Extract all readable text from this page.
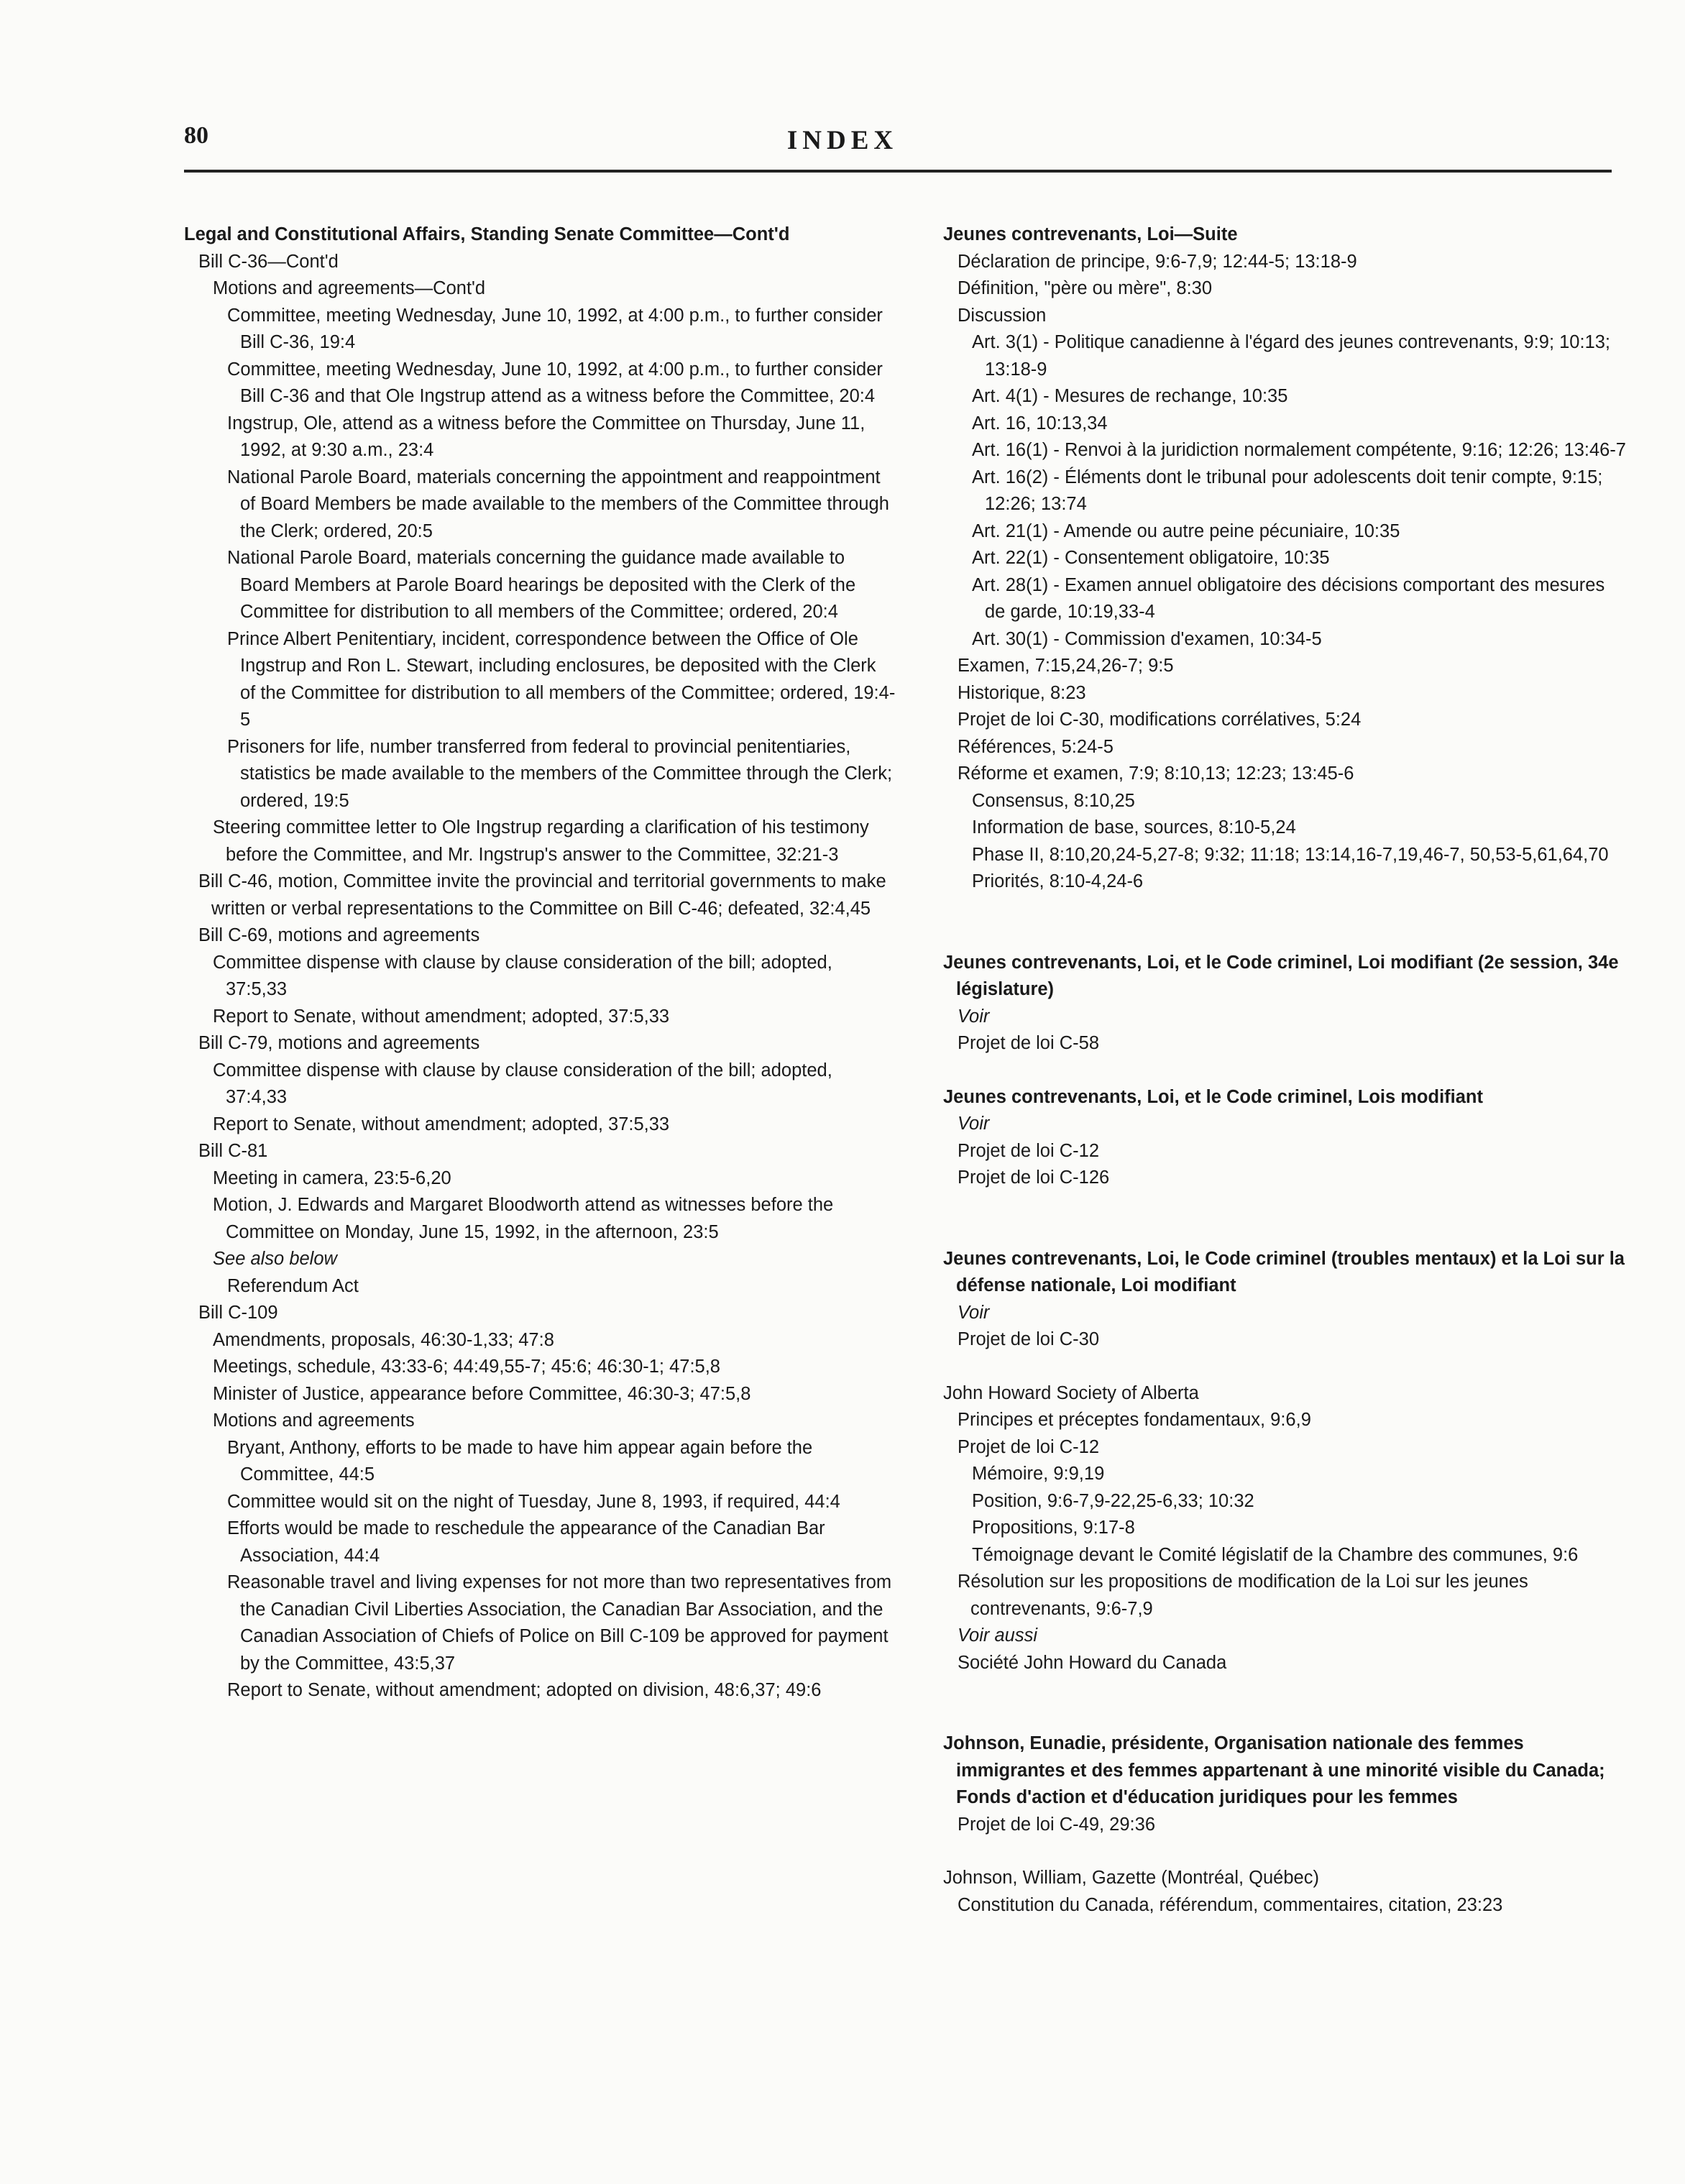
80	INDEX
Legal and Constitutional Affairs, Standing Senate Committee—Cont'd
Bill C-36—Cont'd
Motions and agreements—Cont'd
Committee, meeting Wednesday, June 10, 1992, at 4:00 p.m., to further consider Bill C-36, 19:4
Committee, meeting Wednesday, June 10, 1992, at 4:00 p.m., to further consider Bill C-36 and that Ole Ingstrup attend as a witness before the Committee, 20:4
Ingstrup, Ole, attend as a witness before the Committee on Thursday, June 11, 1992, at 9:30 a.m., 23:4
National Parole Board, materials concerning the appointment and reappointment of Board Members be made available to the members of the Committee through the Clerk; ordered, 20:5
National Parole Board, materials concerning the guidance made available to Board Members at Parole Board hearings be deposited with the Clerk of the Committee for distribution to all members of the Committee; ordered, 20:4
Prince Albert Penitentiary, incident, correspondence between the Office of Ole Ingstrup and Ron L. Stewart, including enclosures, be deposited with the Clerk of the Committee for distribution to all members of the Committee; ordered, 19:4-5
Prisoners for life, number transferred from federal to provincial penitentiaries, statistics be made available to the members of the Committee through the Clerk; ordered, 19:5
Steering committee letter to Ole Ingstrup regarding a clarification of his testimony before the Committee, and Mr. Ingstrup's answer to the Committee, 32:21-3
Bill C-46, motion, Committee invite the provincial and territorial governments to make written or verbal representations to the Committee on Bill C-46; defeated, 32:4,45
Bill C-69, motions and agreements
Committee dispense with clause by clause consideration of the bill; adopted, 37:5,33
Report to Senate, without amendment; adopted, 37:5,33
Bill C-79, motions and agreements
Committee dispense with clause by clause consideration of the bill; adopted, 37:4,33
Report to Senate, without amendment; adopted, 37:5,33
Bill C-81
Meeting in camera, 23:5-6,20
Motion, J. Edwards and Margaret Bloodworth attend as witnesses before the Committee on Monday, June 15, 1992, in the afternoon, 23:5
See also below
Referendum Act
Bill C-109
Amendments, proposals, 46:30-1,33; 47:8
Meetings, schedule, 43:33-6; 44:49,55-7; 45:6; 46:30-1; 47:5,8
Minister of Justice, appearance before Committee, 46:30-3; 47:5,8
Motions and agreements
Bryant, Anthony, efforts to be made to have him appear again before the Committee, 44:5
Committee would sit on the night of Tuesday, June 8, 1993, if required, 44:4
Efforts would be made to reschedule the appearance of the Canadian Bar Association, 44:4
Reasonable travel and living expenses for not more than two representatives from the Canadian Civil Liberties Association, the Canadian Bar Association, and the Canadian Association of Chiefs of Police on Bill C-109 be approved for payment by the Committee, 43:5,37
Report to Senate, without amendment; adopted on division, 48:6,37; 49:6
Jeunes contrevenants, Loi—Suite
Déclaration de principe, 9:6-7,9; 12:44-5; 13:18-9
Définition, "père ou mère", 8:30
Discussion
Art. 3(1) - Politique canadienne à l'égard des jeunes contrevenants, 9:9; 10:13; 13:18-9
Art. 4(1) - Mesures de rechange, 10:35
Art. 16, 10:13,34
Art. 16(1) - Renvoi à la juridiction normalement compétente, 9:16; 12:26; 13:46-7
Art. 16(2) - Éléments dont le tribunal pour adolescents doit tenir compte, 9:15; 12:26; 13:74
Art. 21(1) - Amende ou autre peine pécuniaire, 10:35
Art. 22(1) - Consentement obligatoire, 10:35
Art. 28(1) - Examen annuel obligatoire des décisions comportant des mesures de garde, 10:19,33-4
Art. 30(1) - Commission d'examen, 10:34-5
Examen, 7:15,24,26-7; 9:5
Historique, 8:23
Projet de loi C-30, modifications corrélatives, 5:24
Références, 5:24-5
Réforme et examen, 7:9; 8:10,13; 12:23; 13:45-6
Consensus, 8:10,25
Information de base, sources, 8:10-5,24
Phase II, 8:10,20,24-5,27-8; 9:32; 11:18; 13:14,16-7,19,46-7, 50,53-5,61,64,70
Priorités, 8:10-4,24-6
Jeunes contrevenants, Loi, et le Code criminel, Loi modifiant (2e session, 34e législature)
Voir
Projet de loi C-58
Jeunes contrevenants, Loi, et le Code criminel, Lois modifiant
Voir
Projet de loi C-12
Projet de loi C-126
Jeunes contrevenants, Loi, le Code criminel (troubles mentaux) et la Loi sur la défense nationale, Loi modifiant
Voir
Projet de loi C-30
John Howard Society of Alberta
Principes et préceptes fondamentaux, 9:6,9
Projet de loi C-12
Mémoire, 9:9,19
Position, 9:6-7,9-22,25-6,33; 10:32
Propositions, 9:17-8
Témoignage devant le Comité législatif de la Chambre des communes, 9:6
Résolution sur les propositions de modification de la Loi sur les jeunes contrevenants, 9:6-7,9
Voir aussi
Société John Howard du Canada
Johnson, Eunadie, présidente, Organisation nationale des femmes immigrantes et des femmes appartenant à une minorité visible du Canada; Fonds d'action et d'éducation juridiques pour les femmes
Projet de loi C-49, 29:36
Johnson, William, Gazette (Montréal, Québec)
Constitution du Canada, référendum, commentaires, citation, 23:23
